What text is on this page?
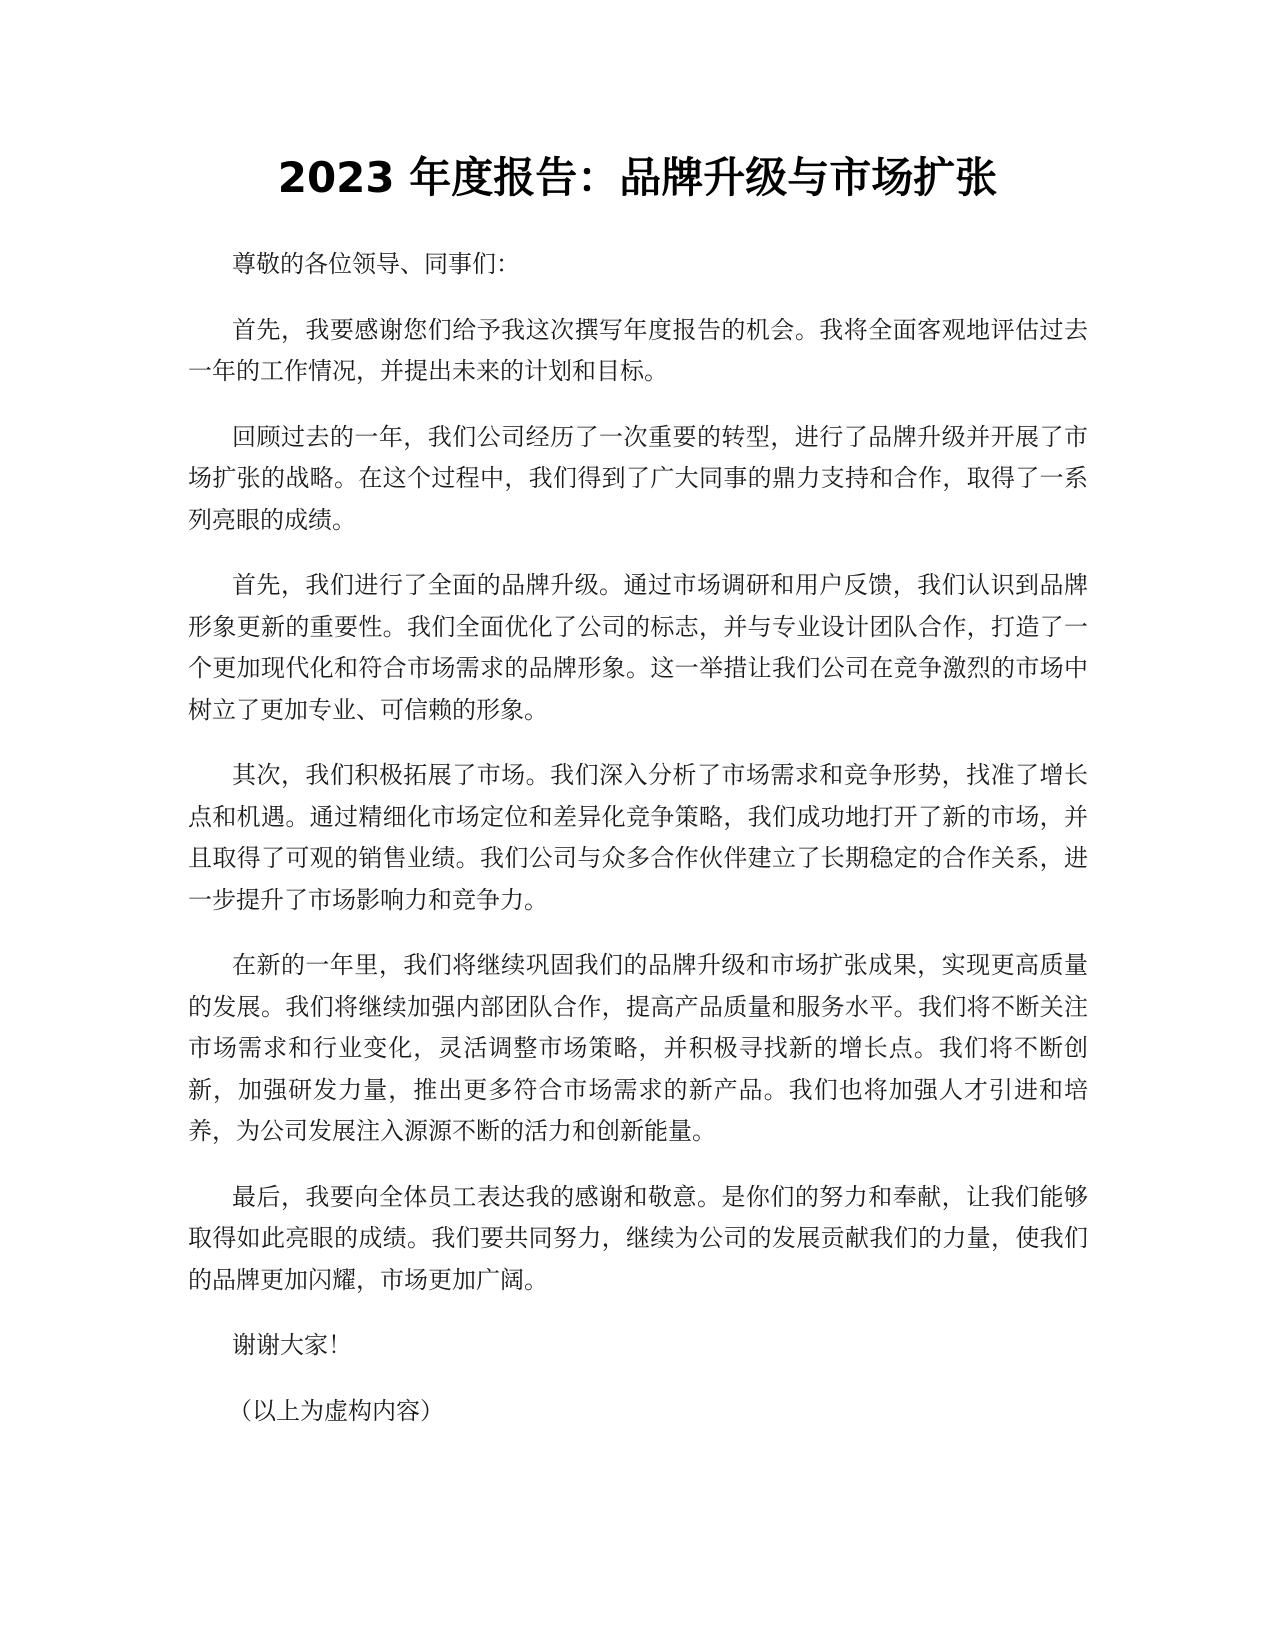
2023 年度报告：品牌升级与市场扩张

尊敬的各位领导、同事们：

首先，我要感谢您们给予我这次撰写年度报告的机会。我将全面客观地评估过去一年的工作情况，并提出未来的计划和目标。

回顾过去的一年，我们公司经历了一次重要的转型，进行了品牌升级并开展了市场扩张的战略。在这个过程中，我们得到了广大同事的鼎力支持和合作，取得了一系列亮眼的成绩。

首先，我们进行了全面的品牌升级。通过市场调研和用户反馈，我们认识到品牌形象更新的重要性。我们全面优化了公司的标志，并与专业设计团队合作，打造了一个更加现代化和符合市场需求的品牌形象。这一举措让我们公司在竞争激烈的市场中树立了更加专业、可信赖的形象。

其次，我们积极拓展了市场。我们深入分析了市场需求和竞争形势，找准了增长点和机遇。通过精细化市场定位和差异化竞争策略，我们成功地打开了新的市场，并且取得了可观的销售业绩。我们公司与众多合作伙伴建立了长期稳定的合作关系，进一步提升了市场影响力和竞争力。

在新的一年里，我们将继续巩固我们的品牌升级和市场扩张成果，实现更高质量的发展。我们将继续加强内部团队合作，提高产品质量和服务水平。我们将不断关注市场需求和行业变化，灵活调整市场策略，并积极寻找新的增长点。我们将不断创新，加强研发力量，推出更多符合市场需求的新产品。我们也将加强人才引进和培养，为公司发展注入源源不断的活力和创新能量。

最后，我要向全体员工表达我的感谢和敬意。是你们的努力和奉献，让我们能够取得如此亮眼的成绩。我们要共同努力，继续为公司的发展贡献我们的力量，使我们的品牌更加闪耀，市场更加广阔。

谢谢大家！

（以上为虚构内容）
